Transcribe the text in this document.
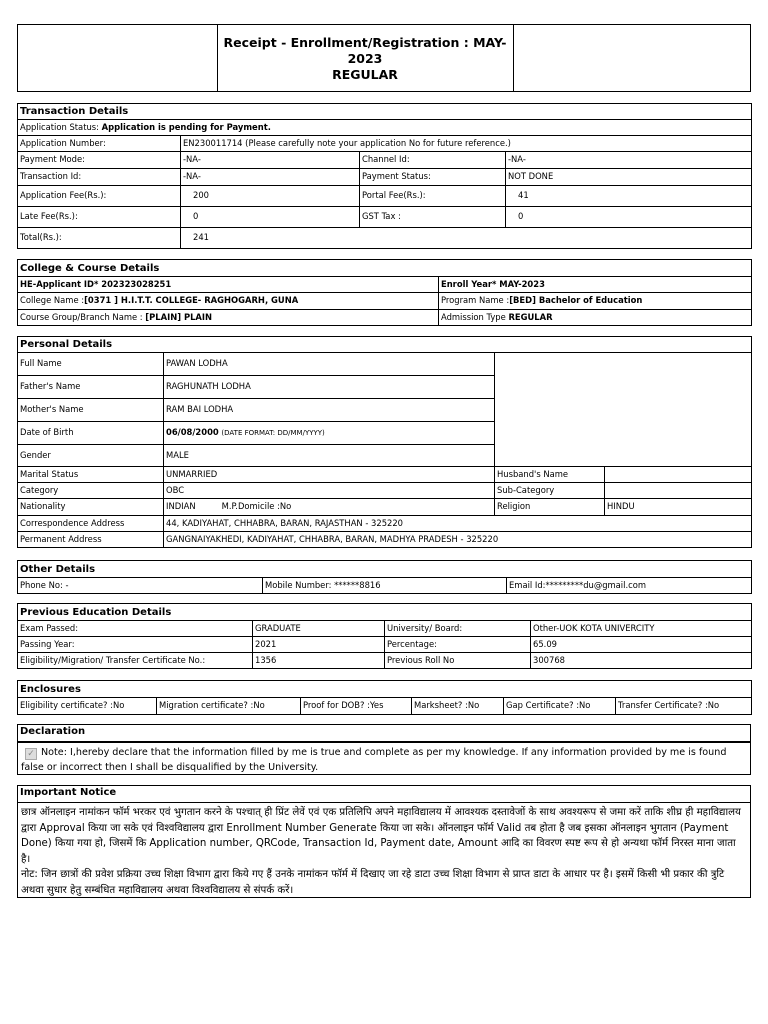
Receipt - Enrollment/Registration : MAY-
2023
REGULAR
Transaction Details			
Application Status: Application is pending for Payment.			
Application Number:	EN230011714 (Please carefully note your application No for future reference.)		
Payment Mode:	-NA-	Channel Id:	-NA-
Transaction Id:	-NA-	Payment Status:	NOT DONE
Application Fee(Rs.):	200	Portal Fee(Rs.):	41
Late Fee(Rs.):	0	GST Tax :	0
Total(Rs.):	241		
College & Course Details	
HE-Applicant ID* 202323028251	Enroll Year* MAY-2023
College Name :[0371 ] H.I.T.T. COLLEGE- RAGHOGARH, GUNA	Program Name :[BED] Bachelor of Education
Course Group/Branch Name : [PLAIN] PLAIN	Admission Type REGULAR
Personal Details			
Full Name	PAWAN LODHA		
Father's Name	RAGHUNATH LODHA		
Mother's Name	RAM BAI LODHA		
Date of Birth	06/08/2000 (DATE FORMAT: DD/MM/YYYY)		
Gender	MALE		
Marital Status	UNMARRIED	Husband's Name	
Category	OBC	Sub-Category	
Nationality	INDIAN M.P.Domicile :No	Religion	HINDU
Correspondence Address	44, KADIYAHAT, CHHABRA, BARAN, RAJASTHAN - 325220		
Permanent Address	GANGNAIYAKHEDI, KADIYAHAT, CHHABRA, BARAN, MADHYA PRADESH - 325220		
Other Details
Phone No: -	Mobile Number: ******8816	Email Id:*********du@gmail.com
Previous Education Details			
Exam Passed:	GRADUATE	University/ Board:	Other-UOK KOTA UNIVERCITY
Passing Year:	2021	Percentage:	65.09
Eligibility/Migration/ Transfer Certificate No.:	1356	Previous Roll No	300768
Enclosures
Eligibility certificate? :No	Migration certificate? :No	Proof for DOB? :Yes	Marksheet? :No	Gap Certificate? :No	Transfer Certificate? :No
Declaration
✓ Note: I,hereby declare that the information filled by me is true and complete as per my knowledge. If any information provided by me is found false or incorrect then I shall be disqualified by the University.
Important Notice
छात्र ऑनलाइन नामांकन फॉर्म भरकर एवं भुगतान करने के पश्चात् ही प्रिंट लेवें एवं एक प्रतिलिपि अपने महाविद्यालय में आवश्यक दस्तावेजों के साथ अवश्यरूप से जमा करें ताकि शीघ्र ही महाविद्यालय द्वारा Approval किया जा सके एवं विश्वविद्यालय द्वारा Enrollment Number Generate किया जा सके। ऑनलाइन फॉर्म Valid तब होता है जब इसका ऑनलाइन भुगतान (Payment Done) किया गया हो, जिसमें कि Application number, QRCode, Transaction Id, Payment date, Amount आदि का विवरण स्पष्ट रूप से हो अन्यथा फॉर्म निरस्त माना जाता है।
नोट: जिन छात्रों की प्रवेश प्रक्रिया उच्च शिक्षा विभाग द्वारा किये गए हैं उनके नामांकन फॉर्म में दिखाए जा रहे डाटा उच्च शिक्षा विभाग से प्राप्त डाटा के आधार पर है। इसमें किसी भी प्रकार की त्रुटि अथवा सुधार हेतु सम्बंधित महाविद्यालय अथवा विश्वविद्यालय से संपर्क करें।
